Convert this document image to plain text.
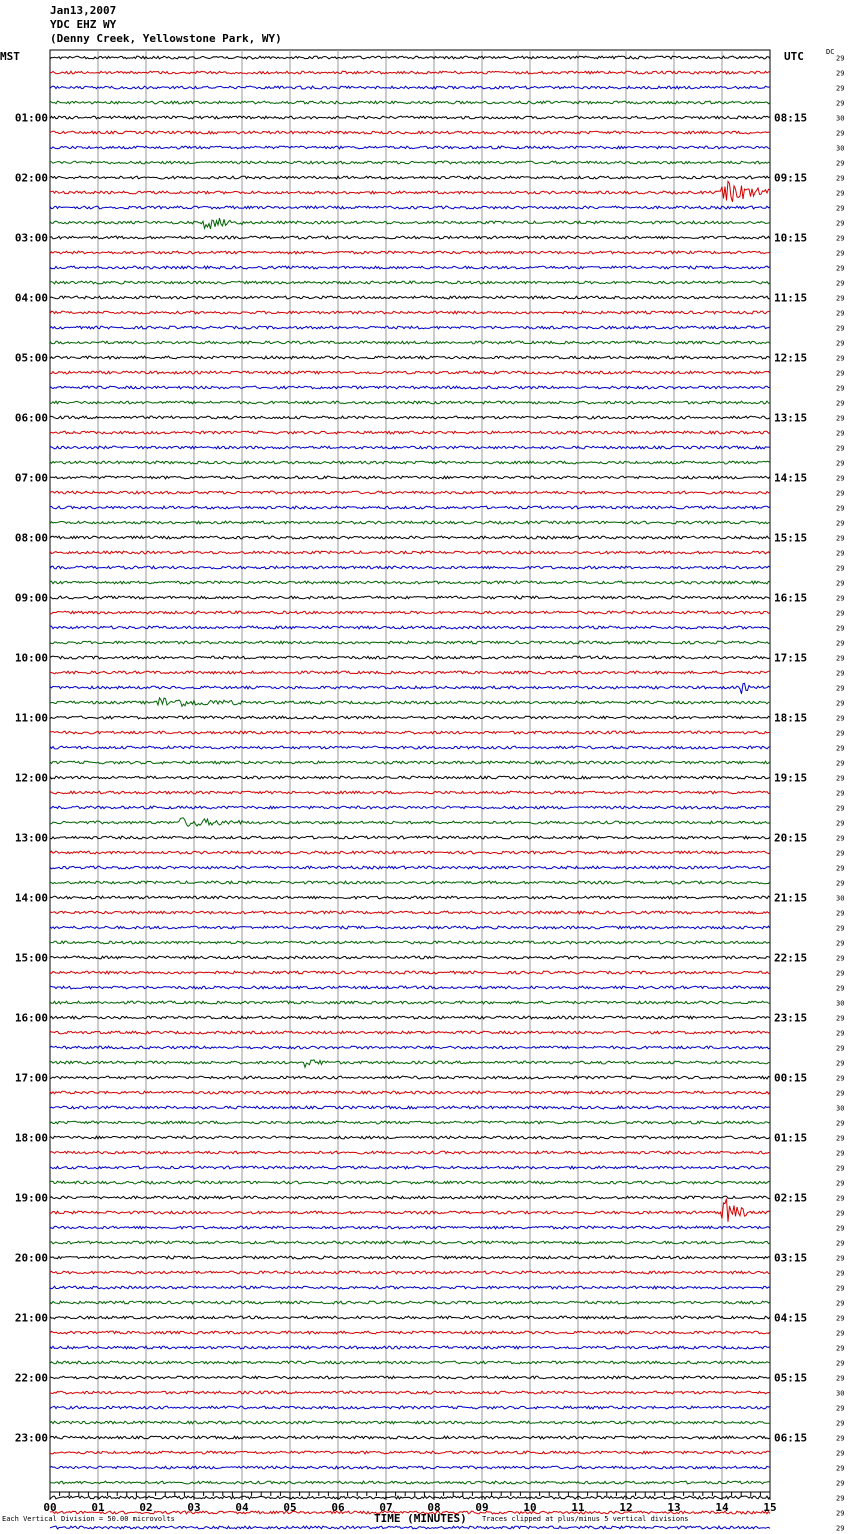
Jan13,2007
YDC EHZ WY
(Denny Creek, Yellowstone Park, WY)
MST	UTC	DC
29
29
29
29
30
29
30
29
29
29
29
29
29
29
29
29
29
29
29
29
29
29
29
29
29
29
29
29
29
29
29
29
29
29
29
29
29
29
29
29
29
29
29
29
29
29
29
29
29
29
29
29
29
29
29
29
30
29
29
29
29
29
29
30
29
29
29
29
29
29
30
29
29
29
29
29
29
29
29
29
29
29
29
29
29
29
29
29
29
30
29
29
29
29
29
29
29
29
29
01:00
02:00
03:00
04:00
05:00
06:00
07:00
08:00
09:00
10:00
11:00
12:00
13:00
14:00
15:00
16:00
17:00
18:00
19:00
20:00
21:00
22:00
23:00
08:15
09:15
10:15
11:15
12:15
13:15
14:15
15:15
16:15
17:15
18:15
19:15
20:15
21:15
22:15
23:15
00:15
01:15
02:15
03:15
04:15
05:15
06:15
00	01	02	03	04	05	06	07	08	09	10	11	12	13	14	15
Each Vertical Division = 50.00 microvolts	TIME (MINUTES) Traces clipped at plus/minus 5 vertical divisions
